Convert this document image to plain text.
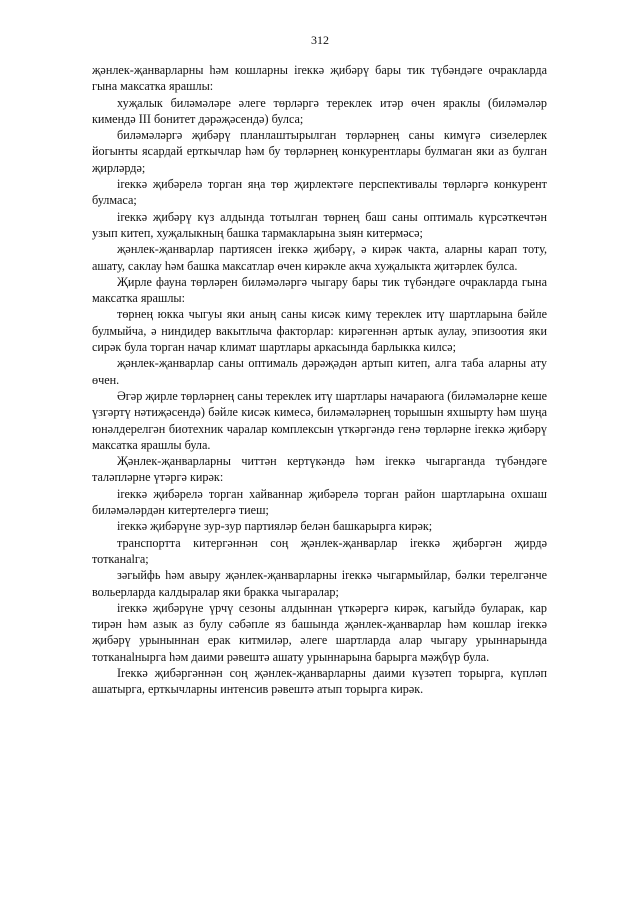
312

җәнлек-җанварларны һәм кошларны ireккә җибәрү бары тик түбәндәге очракларда гына максатка ярашлы:

хуҗалык биләмәләре әлеге төрләргә тереклек итәр өчен яраклы (биләмәләр кимендә III бонитет дәрәҗәсендә) булса;

биләмәләргә җибәрү планлаштырылган төрләрнең саны кимүгә сизелерлек йогынты ясардай ерткычлар һәм бу төрләрнең конкурентлары булмаган яки аз булган җирләрдә;

ireккә җибәрелә торган яңа төр җирлектәге перспективалы төрләргә конкурент булмаса;

ireккә җибәрү күз алдында тотылган төрнең баш саны оптималь күрсәткечтән узып китеп, хуҗалыкның башка тармакларына зыян китермәсә;

җәнлек-җанварлар партиясен ireккә җибәрү, ә кирәк чакта, аларны карап тоту, ашату, саклау һәм башка максатлар өчен кирәкле акча хуҗалыкта җитәрлек булса.

Җирле фауна төрләрен биләмәләргә чыгару бары тик түбәндәге очракларда гына максатка ярашлы:

төрнең юкка чыгуы яки аның саны кисәк кимү тереклек итү шартларына бәйле булмыйча, ә ниндидер вакытлыча факторлар: кирәгеннән артык аулау, эпизоотия яки сирәк була торган начар климат шартлары аркасында барлыкка килсә;

җәнлек-җанварлар саны оптималь дәрәҗәдән артып китеп, алга таба аларны ату өчен.

Әгәр җирле төрләрнең саны тереклек итү шартлары начараюга (биләмәләрне кеше үзгәртү нәтиҗәсендә) бәйле кисәк кимесә, биләмәләрнең торышын яхшырту һәм шуңа юнәлдерелгән биотехник чаралар комплексын үткәргәндә генә төрләрне ireккә җибәрү максатка ярашлы була.

Җәнлек-җанварларны читтән кертүкәндә һәм ireккә чыгарганда түбәндәге таләпләрне үтәргә кирәк:

ireккә җибәрелә торган хайваннар җибәрелә торган район шартларына охшаш биләмәләрдән китертелергә тиеш;

ireккә җибәрүне зур-зур партияләр белән башкарырга кирәк;

транспортта китергәннән соң җәнлек-җанварлар ireккә җибәргән җирдә тотканаlга;

зәгыйфь һәм авыру җәнлек-җанварларны ireккә чыгармыйлар, бәлки терелгәнче вольерларда калдыралар яки бракка чыгаралар;

ireккә җибәрүне үрчү сезоны алдыннан үткәрергә кирәк, кагыйдә буларак, кар тирән һәм азык аз булу сәбәпле яз башында җәнлек-җанварлар һәм кошлар ireккә җибәрү урыныннан ерак китмиләр, әлеге шартларда алар чыгару урыннарында тотканаlнырга һәм даими рәвештә ашату урыннарына барырга мәҗбүр була.

Ireккә җибәргәннән соң җәнлек-җанварларны даими күзәтеп торырга, күпләп ашатырга, ерткычларны интенсив рәвештә атып торырга кирәк.
